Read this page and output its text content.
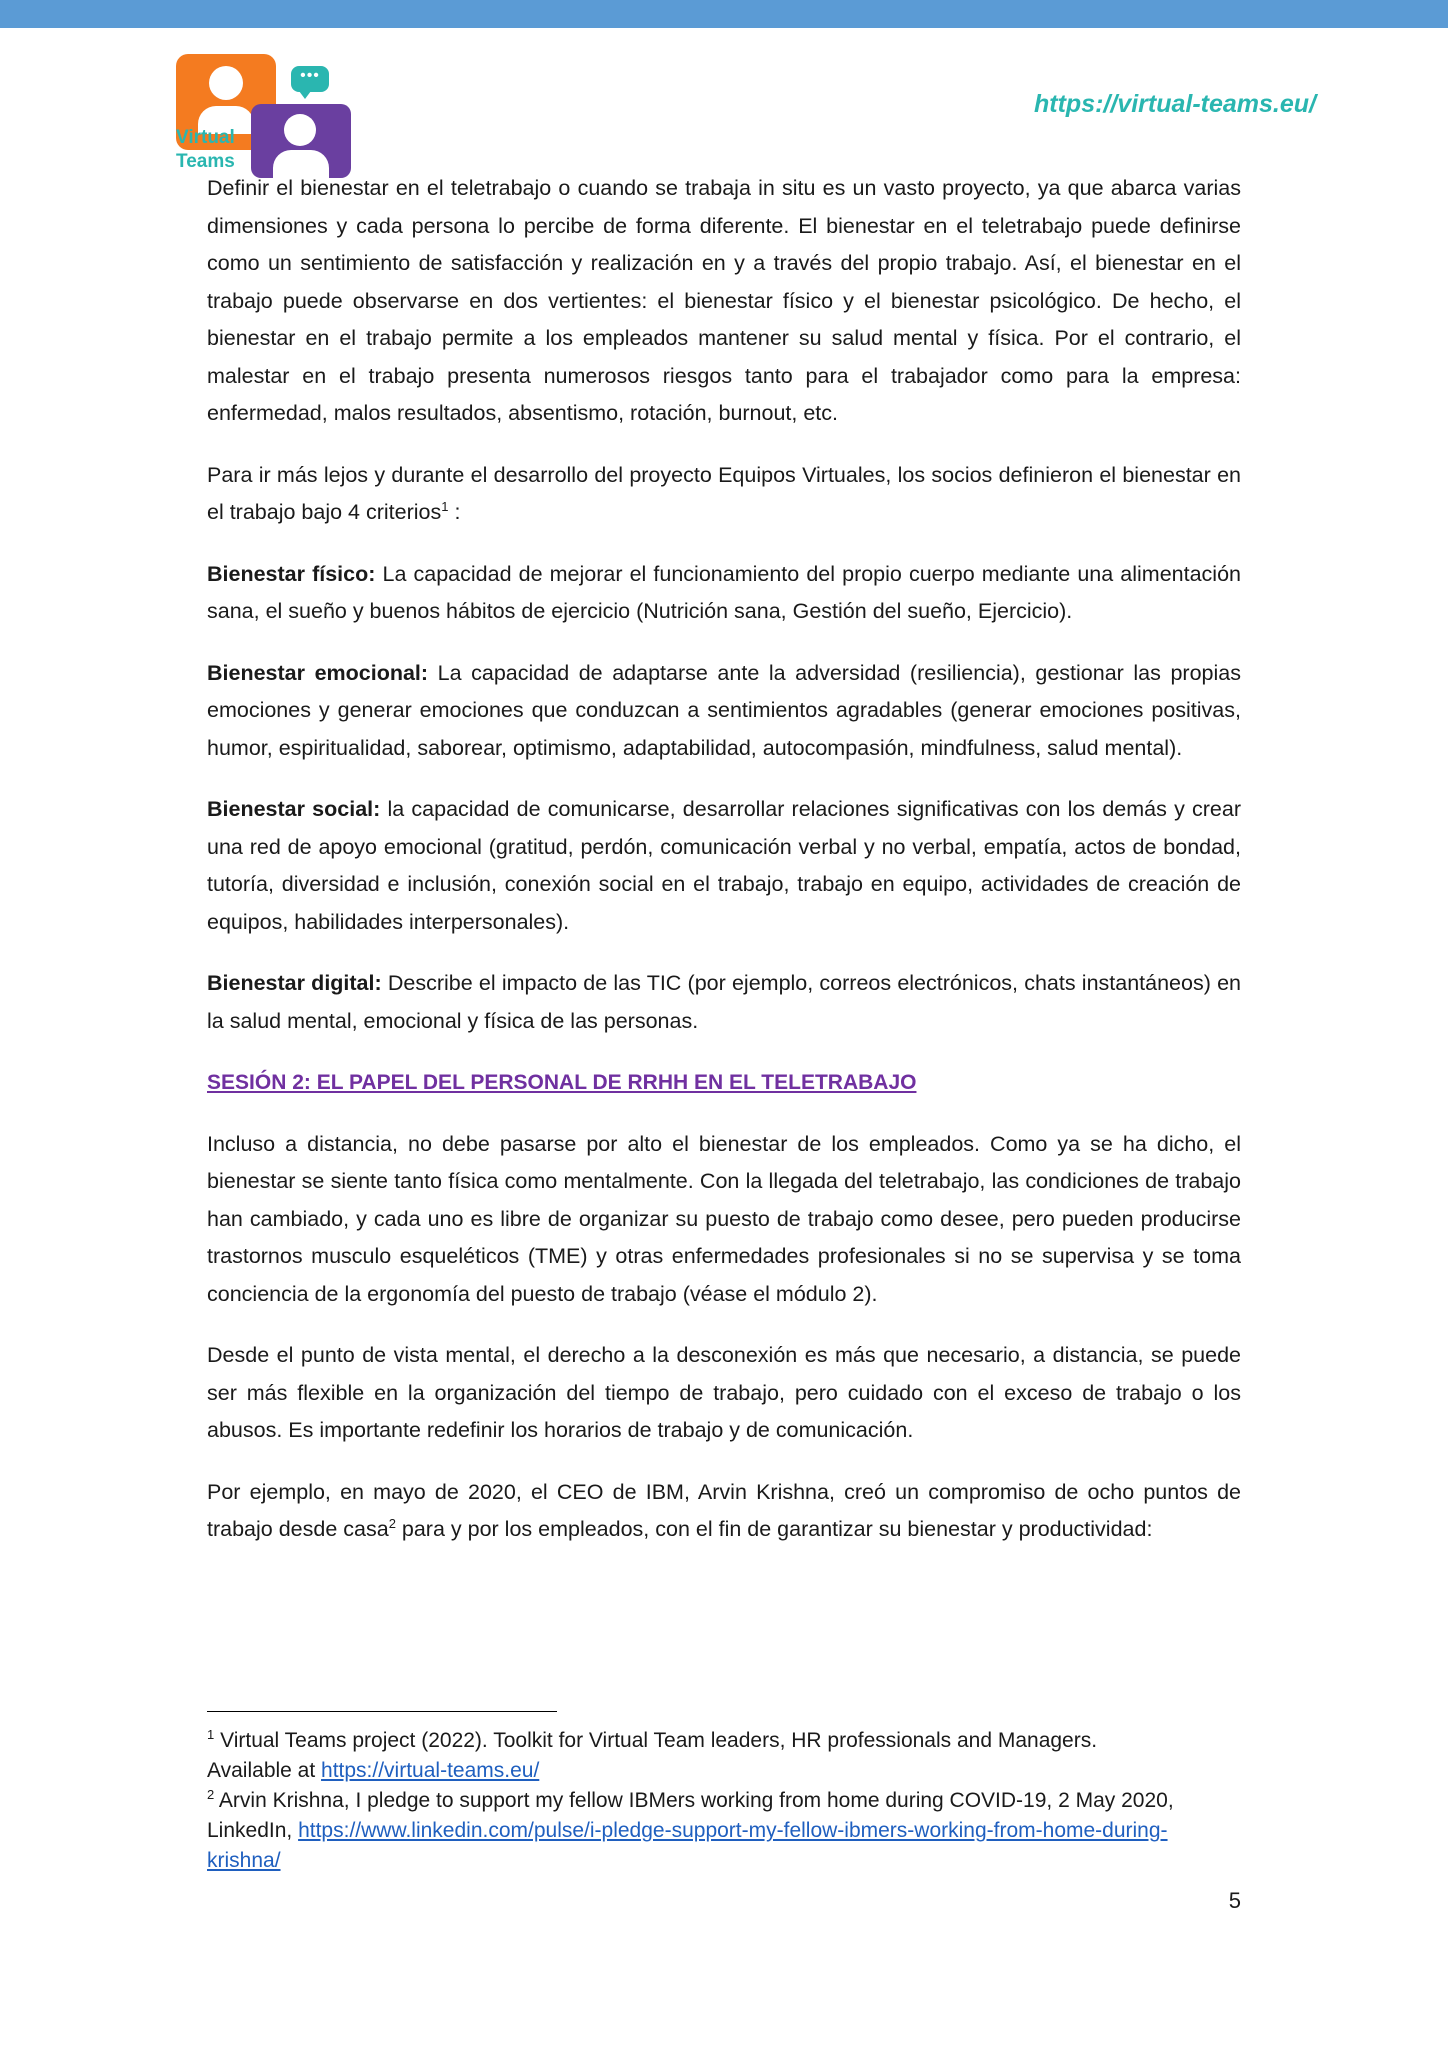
•••
Virtual
Teams
https://virtual-teams.eu/

Definir el bienestar en el teletrabajo o cuando se trabaja in situ es un vasto proyecto, ya que abarca varias dimensiones y cada persona lo percibe de forma diferente. El bienestar en el teletrabajo puede definirse como un sentimiento de satisfacción y realización en y a través del propio trabajo. Así, el bienestar en el trabajo puede observarse en dos vertientes: el bienestar físico y el bienestar psicológico. De hecho, el bienestar en el trabajo permite a los empleados mantener su salud mental y física. Por el contrario, el malestar en el trabajo presenta numerosos riesgos tanto para el trabajador como para la empresa: enfermedad, malos resultados, absentismo, rotación, burnout, etc.

Para ir más lejos y durante el desarrollo del proyecto Equipos Virtuales, los socios definieron el bienestar en el trabajo bajo 4 criterios$^1$ :

Bienestar físico: La capacidad de mejorar el funcionamiento del propio cuerpo mediante una alimentación sana, el sueño y buenos hábitos de ejercicio (Nutrición sana, Gestión del sueño, Ejercicio).

Bienestar emocional: La capacidad de adaptarse ante la adversidad (resiliencia), gestionar las propias emociones y generar emociones que conduzcan a sentimientos agradables (generar emociones positivas, humor, espiritualidad, saborear, optimismo, adaptabilidad, autocompasión, mindfulness, salud mental).

Bienestar social: la capacidad de comunicarse, desarrollar relaciones significativas con los demás y crear una red de apoyo emocional (gratitud, perdón, comunicación verbal y no verbal, empatía, actos de bondad, tutoría, diversidad e inclusión, conexión social en el trabajo, trabajo en equipo, actividades de creación de equipos, habilidades interpersonales).

Bienestar digital: Describe el impacto de las TIC (por ejemplo, correos electrónicos, chats instantáneos) en la salud mental, emocional y física de las personas.

SESIÓN 2: EL PAPEL DEL PERSONAL DE RRHH EN EL TELETRABAJO

Incluso a distancia, no debe pasarse por alto el bienestar de los empleados. Como ya se ha dicho, el bienestar se siente tanto física como mentalmente. Con la llegada del teletrabajo, las condiciones de trabajo han cambiado, y cada uno es libre de organizar su puesto de trabajo como desee, pero pueden producirse trastornos musculo esqueléticos (TME) y otras enfermedades profesionales si no se supervisa y se toma conciencia de la ergonomía del puesto de trabajo (véase el módulo 2).

Desde el punto de vista mental, el derecho a la desconexión es más que necesario, a distancia, se puede ser más flexible en la organización del tiempo de trabajo, pero cuidado con el exceso de trabajo o los abusos. Es importante redefinir los horarios de trabajo y de comunicación.

Por ejemplo, en mayo de 2020, el CEO de IBM, Arvin Krishna, creó un compromiso de ocho puntos de trabajo desde casa$^2$ para y por los empleados, con el fin de garantizar su bienestar y productividad:

$^1$ Virtual Teams project (2022). Toolkit for Virtual Team leaders, HR professionals and Managers.
Available at https://virtual-teams.eu/
$^2$ Arvin Krishna, I pledge to support my fellow IBMers working from home during COVID-19, 2 May 2020, LinkedIn, https://www.linkedin.com/pulse/i-pledge-support-my-fellow-ibmers-working-from-home-during-krishna/
5
